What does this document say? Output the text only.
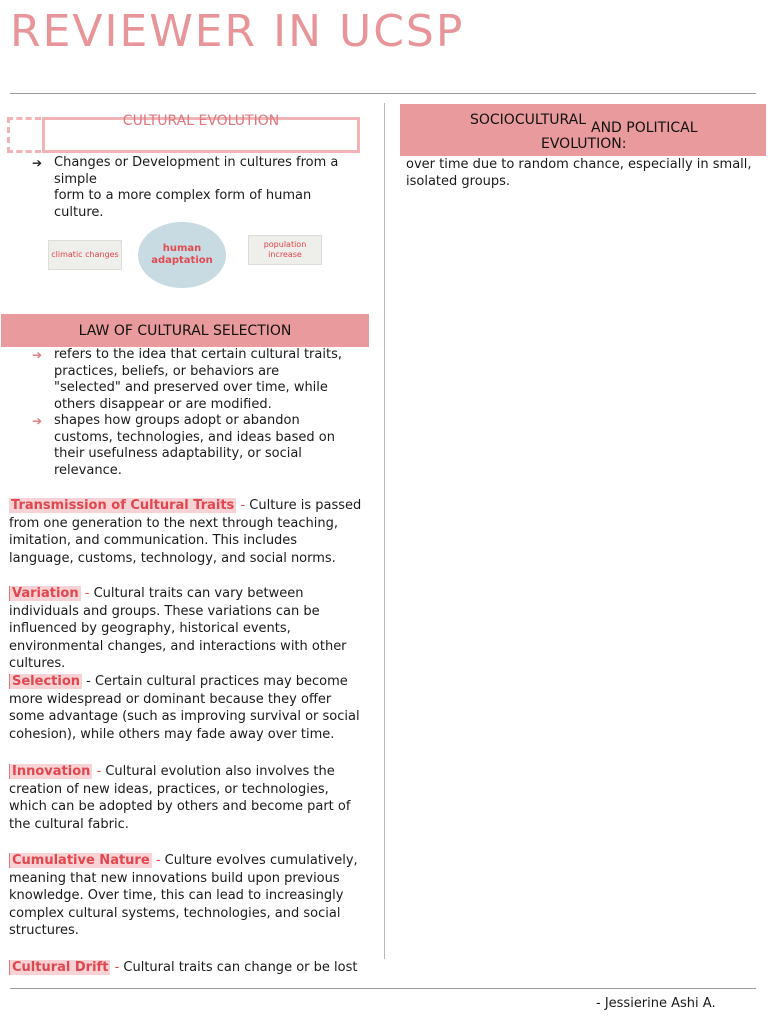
REVIEWER IN UCSP
CULTURAL EVOLUTION
➔ Changes or Development in cultures from a simple
form to a more complex form of human culture.
climatic changes
human
adaptation
population
increase
LAW OF CULTURAL SELECTION
➔ refers to the idea that certain cultural traits, practices, beliefs, or behaviors are "selected" and preserved over time, while others disappear or are modified.
➔ shapes how groups adopt or abandon customs, technologies, and ideas based on their usefulness adaptability, or social relevance.
Transmission of Cultural Traits - Culture is passed from one generation to the next through teaching, imitation, and communication. This includes language, customs, technology, and social norms.
Variation - Cultural traits can vary between individuals and groups. These variations can be influenced by geography, historical events, environmental changes, and interactions with other cultures.
Selection - Certain cultural practices may become more widespread or dominant because they offer some advantage (such as improving survival or social cohesion), while others may fade away over time.
Innovation - Cultural evolution also involves the creation of new ideas, practices, or technologies, which can be adopted by others and become part of the cultural fabric.
Cumulative Nature - Culture evolves cumulatively, meaning that new innovations build upon previous knowledge. Over time, this can lead to increasingly complex cultural systems, technologies, and social structures.
Cultural Drift - Cultural traits can change or be lost
SOCIOCULTURAL AND POLITICAL
EVOLUTION:
over time due to random chance, especially in small, isolated groups.
- Jessierine Ashi A.
